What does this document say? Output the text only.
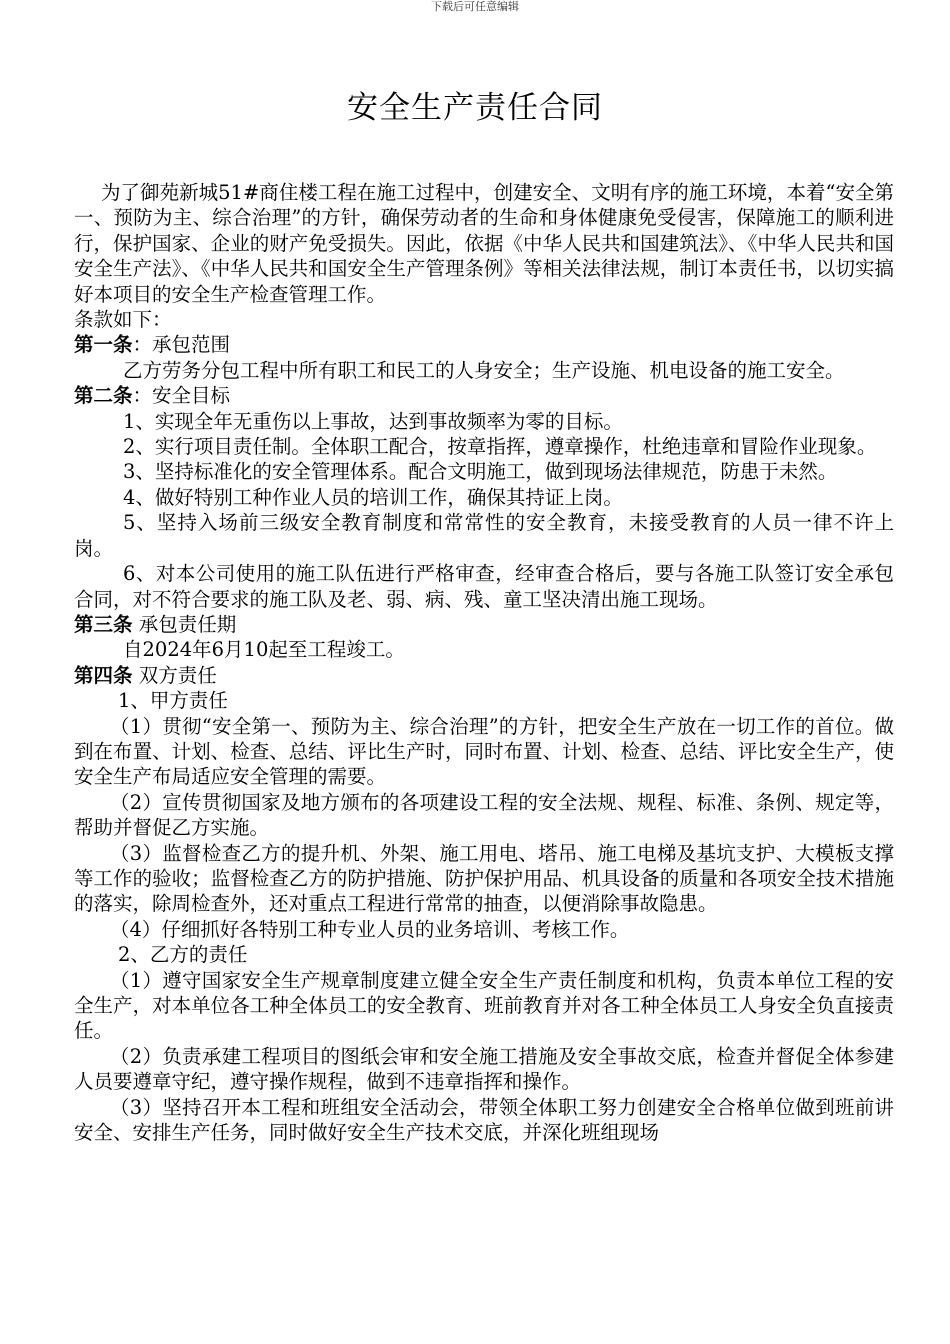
下载后可任意编辑
安全生产责任合同

为了御苑新城51#商住楼工程在施工过程中，创建安全、文明有序的施工环境，本着“安全第一、预防为主、综合治理”的方针，确保劳动者的生命和身体健康免受侵害，保障施工的顺利进行，保护国家、企业的财产免受损失。因此，依据《中华人民共和国建筑法》、《中华人民共和国安全生产法》、《中华人民共和国安全生产管理条例》等相关法律法规，制订本责任书，以切实搞好本项目的安全生产检查管理工作。

条款如下：

第一条：承包范围

乙方劳务分包工程中所有职工和民工的人身安全；生产设施、机电设备的施工安全。

第二条：安全目标

1、实现全年无重伤以上事故，达到事故频率为零的目标。

2、实行项目责任制。全体职工配合，按章指挥，遵章操作，杜绝违章和冒险作业现象。

3、坚持标准化的安全管理体系。配合文明施工，做到现场法律规范，防患于未然。

4、做好特别工种作业人员的培训工作，确保其持证上岗。

5、坚持入场前三级安全教育制度和常常性的安全教育，未接受教育的人员一律不许上岗。

6、对本公司使用的施工队伍进行严格审查，经审查合格后，要与各施工队签订安全承包合同，对不符合要求的施工队及老、弱、病、残、童工坚决清出施工现场。

第三条 承包责任期

自2024年6月10起至工程竣工。

第四条 双方责任

1、甲方责任

（1）贯彻“安全第一、预防为主、综合治理”的方针，把安全生产放在一切工作的首位。做到在布置、计划、检查、总结、评比生产时，同时布置、计划、检查、总结、评比安全生产，使安全生产布局适应安全管理的需要。

（2）宣传贯彻国家及地方颁布的各项建设工程的安全法规、规程、标准、条例、规定等，帮助并督促乙方实施。

（3）监督检查乙方的提升机、外架、施工用电、塔吊、施工电梯及基坑支护、大模板支撑等工作的验收；监督检查乙方的防护措施、防护保护用品、机具设备的质量和各项安全技术措施的落实，除周检查外，还对重点工程进行常常的抽查，以便消除事故隐患。

（4）仔细抓好各特别工种专业人员的业务培训、考核工作。

2、乙方的责任

（1）遵守国家安全生产规章制度建立健全安全生产责任制度和机构，负责本单位工程的安全生产，对本单位各工种全体员工的安全教育、班前教育并对各工种全体员工人身安全负直接责任。

（2）负责承建工程项目的图纸会审和安全施工措施及安全事故交底，检查并督促全体参建人员要遵章守纪，遵守操作规程，做到不违章指挥和操作。

（3）坚持召开本工程和班组安全活动会，带领全体职工努力创建安全合格单位做到班前讲安全、安排生产任务，同时做好安全生产技术交底，并深化班组现场
